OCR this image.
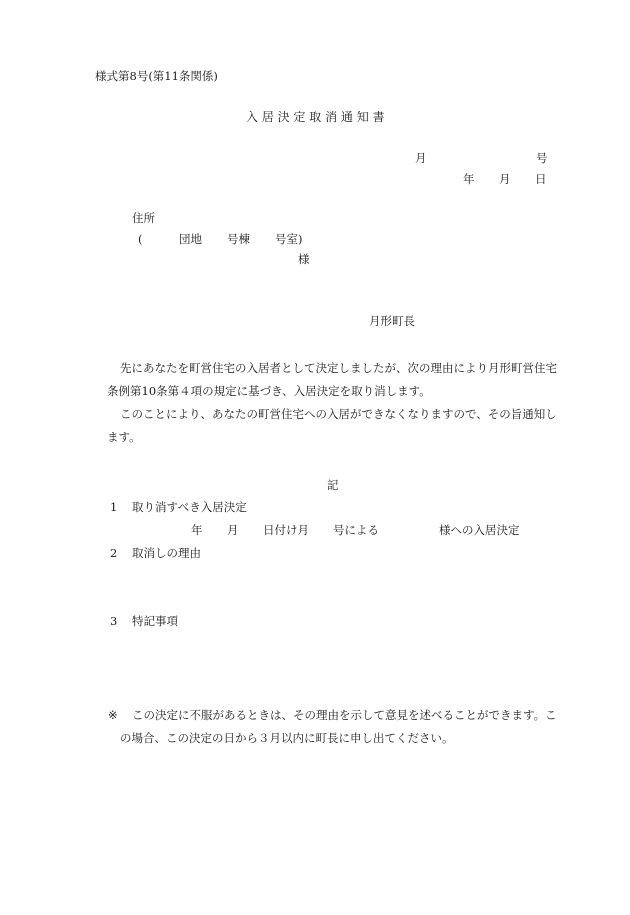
様式第8号(第11条関係)
入 居 決 定 取 消 通 知 書
月	号
年 月 日
住所
(	団地 号棟 号室)
様
月形町長
先にあなたを町営住宅の入居者として決定しましたが、次の理由により月形町営住宅
条例第10条第４項の規定に基づき、入居決定を取り消します。
このことにより、あなたの町営住宅への入居ができなくなりますので、その旨通知し
ます。
記
1 取り消すべき入居決定
年 月 日付け月 号による	様への入居決定
2 取消しの理由
3 特記事項
※ この決定に不服があるときは、その理由を示して意見を述べることができます。こ
の場合、この決定の日から３月以内に町長に申し出てください。
